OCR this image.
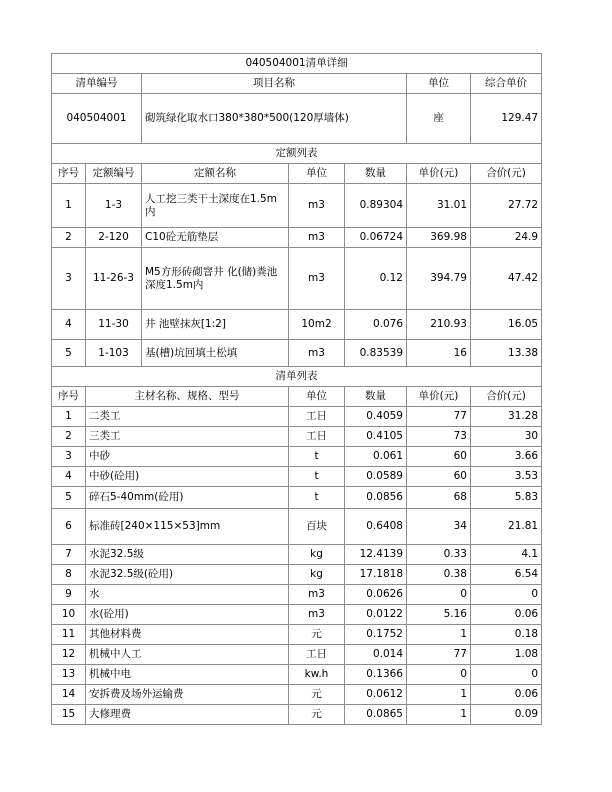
040504001清单详细						
清单编号		项目名称			单位	综合单价
040504001		砌筑绿化取水口380*380*500(120厚墙体)			座	129.47
定额列表						
序号	定额编号	定额名称	单位	数量	单价(元)	合价(元)
1	1-3	人工挖三类干土深度在1.5m内	m3	0.89304	31.01	27.72
2	2-120	C10砼无筋垫层	m3	0.06724	369.98	24.9
3	11-26-3	M5方形砖砌窨井 化(储)粪池深度1.5m内	m3	0.12	394.79	47.42
4	11-30	井 池壁抹灰[1:2]	10m2	0.076	210.93	16.05
5	1-103	基(槽)坑回填土松填	m3	0.83539	16	13.38
清单列表						
序号	主材名称、规格、型号		单位	数量	单价(元)	合价(元)
1	二类工		工日	0.4059	77	31.28
2	三类工		工日	0.4105	73	30
3	中砂		t	0.061	60	3.66
4	中砂(砼用)		t	0.0589	60	3.53
5	碎石5-40mm(砼用)		t	0.0856	68	5.83
6	标准砖[240×115×53]mm		百块	0.6408	34	21.81
7	水泥32.5级		kg	12.4139	0.33	4.1
8	水泥32.5级(砼用)		kg	17.1818	0.38	6.54
9	水		m3	0.0626	0	0
10	水(砼用)		m3	0.0122	5.16	0.06
11	其他材料费		元	0.1752	1	0.18
12	机械中人工		工日	0.014	77	1.08
13	机械中电		kw.h	0.1366	0	0
14	安拆费及场外运输费		元	0.0612	1	0.06
15	大修理费		元	0.0865	1	0.09
